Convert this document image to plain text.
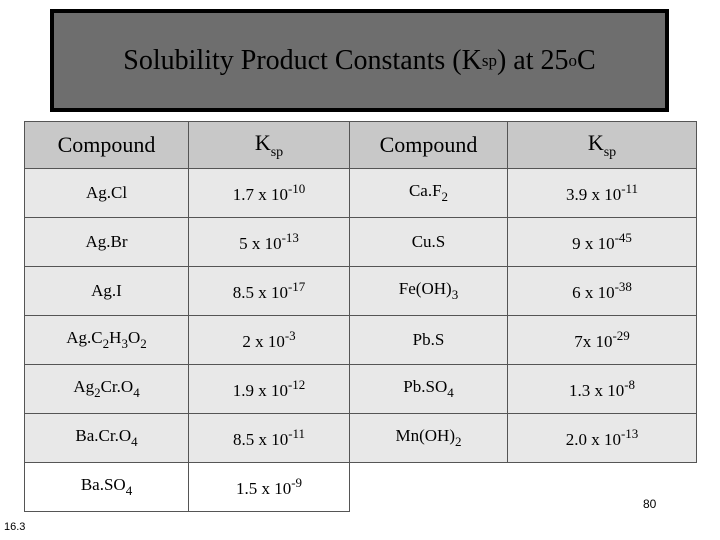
Solubility Product Constants (K sp ) at 25 o C
Compound	$K_{sp}$	Compound	$K_{sp}$
Ag.Cl	1.7 x $10^{-10}$	$Ca.F_2$	3.9 x $10^{-11}$
Ag.Br	5 x $10^{-13}$	Cu.S	9 x $10^{-45}$
Ag.I	8.5 x $10^{-17}$	$Fe(OH)_3$	6 x $10^{-38}$
$Ag.C_2H_3O_2$	2 x $10^{-3}$	Pb.S	7x $10^{-29}$
$Ag_2Cr.O_4$	1.9 x $10^{-12}$	$Pb.SO_4$	1.3 x $10^{-8}$
$Ba.Cr.O_4$	8.5 x $10^{-11}$	$Mn(OH)_2$	2.0 x $10^{-13}$
$Ba.SO_4$	1.5 x $10^{-9}$		
80
16.3
